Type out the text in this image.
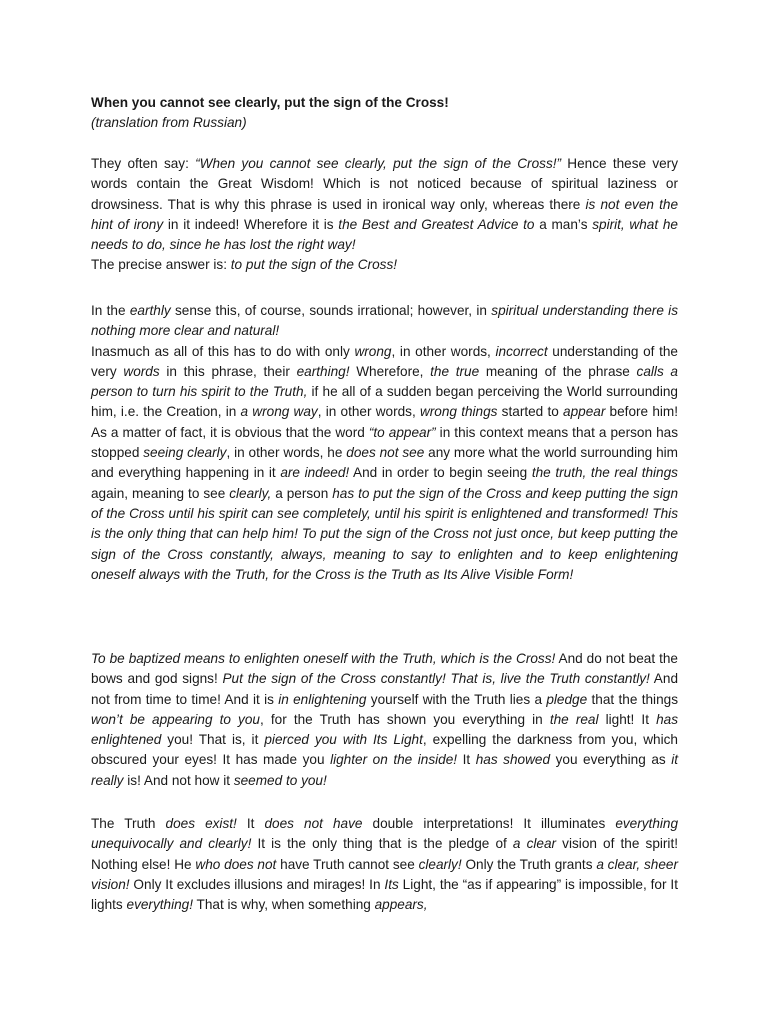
When you cannot see clearly, put the sign of the Cross!
(translation from Russian)

They often say: “When you cannot see clearly, put the sign of the Cross!” Hence these very words contain the Great Wisdom! Which is not noticed because of spiritual laziness or drowsiness. That is why this phrase is used in ironical way only, whereas there is not even the hint of irony in it indeed! Wherefore it is the Best and Greatest Advice to a man’s spirit, what he needs to do, since he has lost the right way!

The precise answer is: to put the sign of the Cross!

In the earthly sense this, of course, sounds irrational; however, in spiritual understanding there is nothing more clear and natural!

Inasmuch as all of this has to do with only wrong, in other words, incorrect understanding of the very words in this phrase, their earthing! Wherefore, the true meaning of the phrase calls a person to turn his spirit to the Truth, if he all of a sudden began perceiving the World surrounding him, i.e. the Creation, in a wrong way, in other words, wrong things started to appear before him! As a matter of fact, it is obvious that the word “to appear” in this context means that a person has stopped seeing clearly, in other words, he does not see any more what the world surrounding him and everything happening in it are indeed! And in order to begin seeing the truth, the real things again, meaning to see clearly, a person has to put the sign of the Cross and keep putting the sign of the Cross until his spirit can see completely, until his spirit is enlightened and transformed! This is the only thing that can help him! To put the sign of the Cross not just once, but keep putting the sign of the Cross constantly, always, meaning to say to enlighten and to keep enlightening oneself always with the Truth, for the Cross is the Truth as Its Alive Visible Form!

To be baptized means to enlighten oneself with the Truth, which is the Cross! And do not beat the bows and god signs! Put the sign of the Cross constantly! That is, live the Truth constantly! And not from time to time! And it is in enlightening yourself with the Truth lies a pledge that the things won’t be appearing to you, for the Truth has shown you everything in the real light! It has enlightened you! That is, it pierced you with Its Light, expelling the darkness from you, which obscured your eyes! It has made you lighter on the inside! It has showed you everything as it really is! And not how it seemed to you!

The Truth does exist! It does not have double interpretations! It illuminates everything unequivocally and clearly! It is the only thing that is the pledge of a clear vision of the spirit! Nothing else! He who does not have Truth cannot see clearly! Only the Truth grants a clear, sheer vision! Only It excludes illusions and mirages! In Its Light, the “as if appearing” is impossible, for It lights everything! That is why, when something appears,
